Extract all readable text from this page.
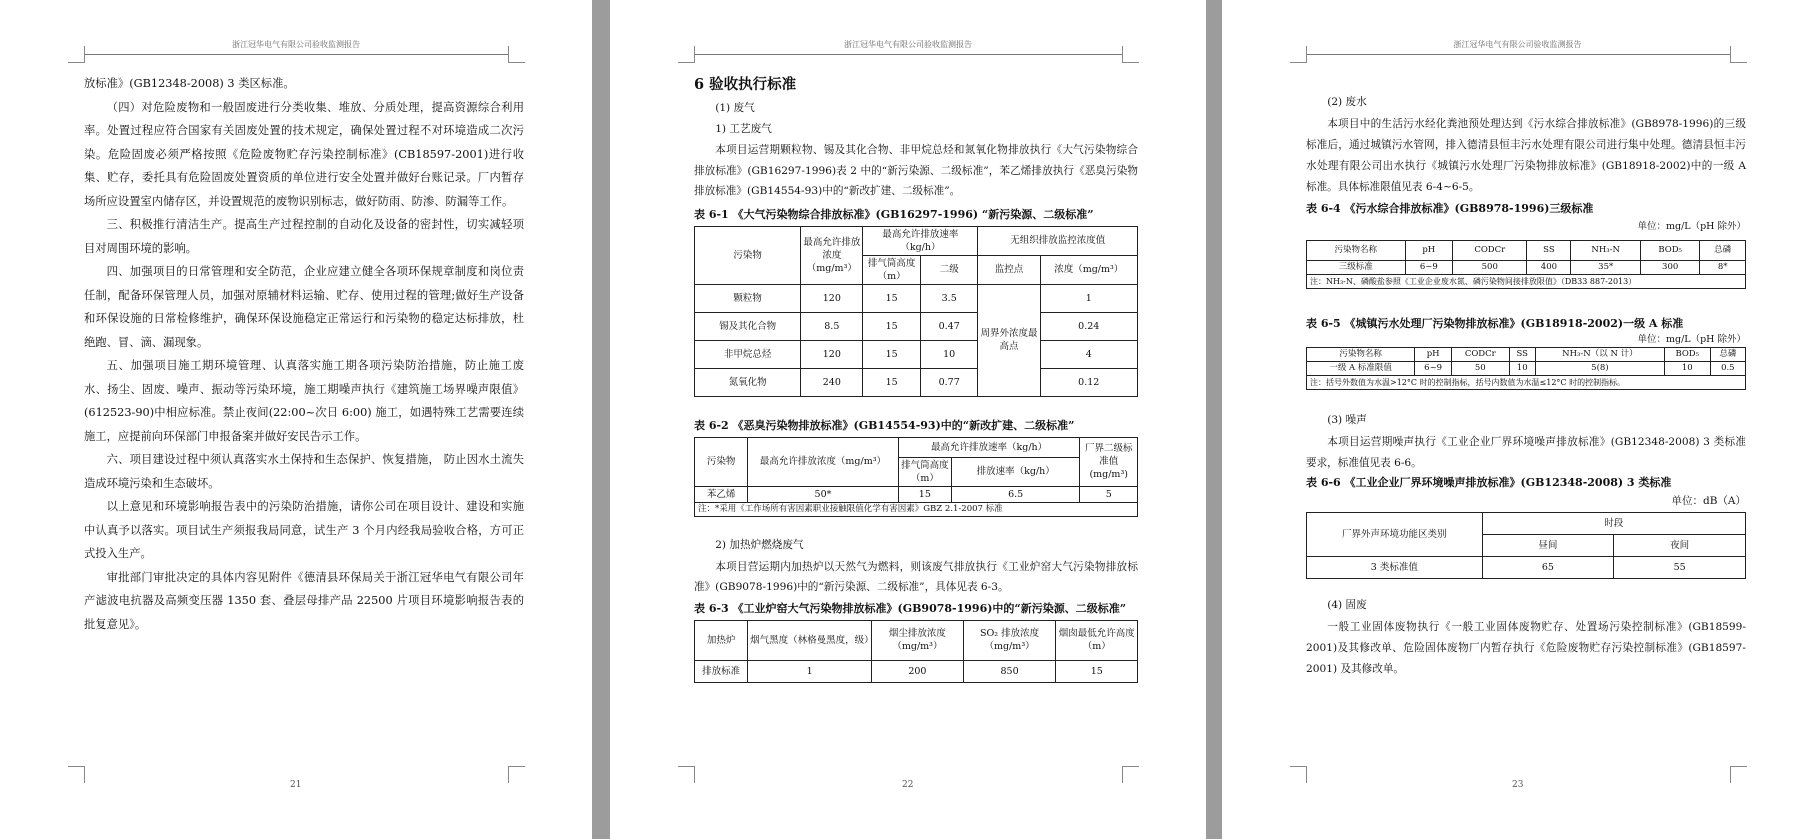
浙江冠华电气有限公司验收监测报告

放标准》(GB12348-2008) 3 类区标准。

（四）对危险废物和一般固废进行分类收集、堆放、分质处理，提高资源综合利用率。处置过程应符合国家有关固废处置的技术规定，确保处置过程不对环境造成二次污染。危险固废必须严格按照《危险废物贮存污染控制标准》(CB18597-2001)进行收集、贮存，委托具有危险固废处置资质的单位进行安全处置并做好台账记录。厂内暂存场所应设置室内储存区，并设置规范的废物识别标志，做好防雨、防渗、防漏等工作。

三、积极推行清洁生产。提高生产过程控制的自动化及设备的密封性，切实减轻项目对周围环境的影响。

四、加强项目的日常管理和安全防范，企业应建立健全各项环保规章制度和岗位责任制，配备环保管理人员，加强对原辅材料运输、贮存、使用过程的管理;做好生产设备和环保设施的日常检修维护，确保环保设施稳定正常运行和污染物的稳定达标排放，杜绝跑、冒、滴、漏现象。

五、加强项目施工期环境管理、认真落实施工期各项污染防治措施，防止施工废水、扬尘、固废、噪声、振动等污染环境，施工期噪声执行《建筑施工场界噪声限值》(612523-90)中相应标准。禁止夜间(22:00~次日 6:00) 施工，如遇特殊工艺需要连续施工，应提前向环保部门申报备案并做好安民告示工作。

六、项目建设过程中须认真落实水土保持和生态保护、恢复措施， 防止因水土流失造成环境污染和生态破坏。

以上意见和环境影响报告表中的污染防治措施，请你公司在项目设计、建设和实施中认真予以落实。项目试生产须报我局同意，试生产 3 个月内经我局验收合格，方可正式投入生产。

审批部门审批决定的具体内容见附件《德清县环保局关于浙江冠华电气有限公司年产滤波电抗器及高频变压器 1350 套、叠层母排产品 22500 片项目环境影响报告表的批复意见》。

21
浙江冠华电气有限公司验收监测报告
6 验收执行标准

(1) 废气

1) 工艺废气

本项目运营期颗粒物、锡及其化合物、非甲烷总烃和氮氧化物排放执行《大气污染物综合排放标准》(GB16297-1996)表 2 中的“新污染源、二级标准”，苯乙烯排放执行《恶臭污染物排放标准》(GB14554-93)中的“新改扩建、二级标准”。

表 6-1 《大气污染物综合排放标准》(GB16297-1996) “新污染源、二级标准”

污染物	最高允许排放浓度（mg/m³）	最高允许排放速率（kg/h）		无组织排放监控浓度值	
		排气筒高度（m）	二级	监控点	浓度（mg/m³）
颗粒物	120	15	3.5	周界外浓度最高点	1
锡及其化合物	8.5	15	0.47		0.24
非甲烷总烃	120	15	10		4
氮氧化物	240	15	0.77		0.12

表 6-2 《恶臭污染物排放标准》(GB14554-93)中的“新改扩建、二级标准”

污染物	最高允许排放浓度（mg/m³）	最高允许排放速率（kg/h）		厂界二级标准值(mg/m³)
		排气筒高度（m）	排放速率（kg/h）	
苯乙烯	50*	15	6.5	5
注：*采用《工作场所有害因素职业接触限值化学有害因素》GBZ 2.1-2007 标准

2) 加热炉燃烧废气

本项目营运期内加热炉以天然气为燃料，则该废气排放执行《工业炉窑大气污染物排放标准》(GB9078-1996)中的“新污染源、二级标准”，具体见表 6-3。

表 6-3 《工业炉窑大气污染物排放标准》(GB9078-1996)中的“新污染源、二级标准”

加热炉	烟气黑度（林格曼黑度，级）	烟尘排放浓度（mg/m³）	SO₂ 排放浓度（mg/m³）	烟囱最低允许高度（m）
排放标准	1	200	850	15
22
浙江冠华电气有限公司验收监测报告

(2) 废水

本项目中的生活污水经化粪池预处理达到《污水综合排放标准》(GB8978-1996)的三级标准后，通过城镇污水管网，排入德清县恒丰污水处理有限公司进行集中处理。德清县恒丰污水处理有限公司出水执行《城镇污水处理厂污染物排放标准》(GB18918-2002)中的一级 A 标准。具体标准限值见表 6-4~6-5。

表 6-4 《污水综合排放标准》(GB8978-1996)三级标准

单位：mg/L（pH 除外）
污染物名称	pH	CODCr	SS	NH₃-N	BOD₅	总磷
三级标准	6~9	500	400	35*	300	8*
注：NH₃-N、磷酸盐参照《工业企业废水氮、磷污染物间接排放限值》（DB33 887-2013）

表 6-5 《城镇污水处理厂污染物排放标准》(GB18918-2002)一级 A 标准

单位：mg/L（pH 除外）
污染物名称	pH	CODCr	SS	NH₃-N（以 N 计）	BOD₅	总磷
一级 A 标准限值	6~9	50	10	5(8)	10	0.5
注：括号外数值为水温>12°C 时的控制指标，括号内数值为水温≤12°C 时的控制指标。

(3) 噪声

本项目运营期噪声执行《工业企业厂界环境噪声排放标准》(GB12348-2008) 3 类标准要求，标准值见表 6-6。

表 6-6 《工业企业厂界环境噪声排放标准》(GB12348-2008) 3 类标准

单位：dB（A）
厂界外声环境功能区类别	时段	
	昼间	夜间
3 类标准值	65	55

(4) 固废

一般工业固体废物执行《一般工业固体废物贮存、处置场污染控制标准》(GB18599-2001)及其修改单、危险固体废物厂内暂存执行《危险废物贮存污染控制标准》(GB18597-2001) 及其修改单。

23
